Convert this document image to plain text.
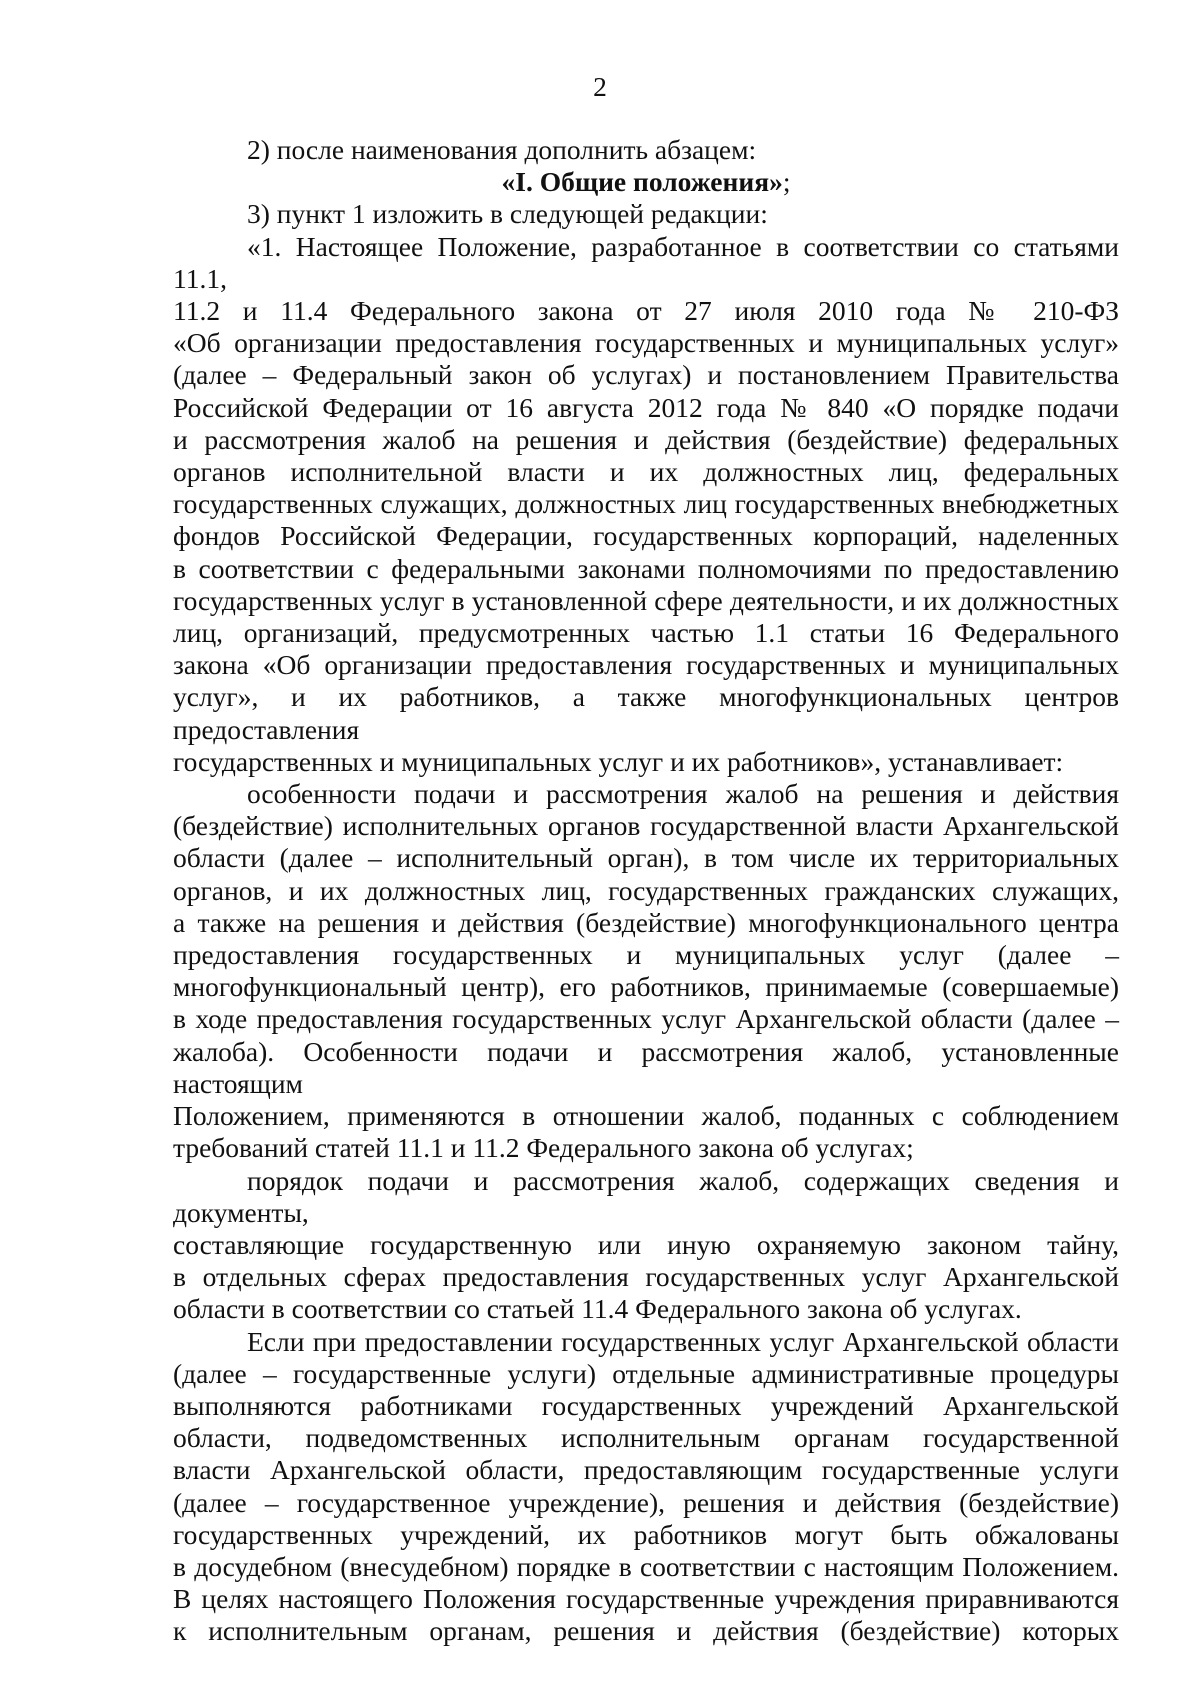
2

2) после наименования дополнить абзацем:

«I. Общие положения»;

3) пункт 1 изложить в следующей редакции:

«1. Настоящее Положение, разработанное в соответствии со статьями 11.1,

11.2 и 11.4 Федерального закона от 27 июля 2010 года № 210-ФЗ

«Об организации предоставления государственных и муниципальных услуг»

(далее – Федеральный закон об услугах) и постановлением Правительства

Российской Федерации от 16 августа 2012 года № 840 «О порядке подачи

и рассмотрения жалоб на решения и действия (бездействие) федеральных

органов исполнительной власти и их должностных лиц, федеральных

государственных служащих, должностных лиц государственных внебюджетных

фондов Российской Федерации, государственных корпораций, наделенных

в соответствии с федеральными законами полномочиями по предоставлению

государственных услуг в установленной сфере деятельности, и их должностных

лиц, организаций, предусмотренных частью 1.1 статьи 16 Федерального

закона «Об организации предоставления государственных и муниципальных

услуг», и их работников, а также многофункциональных центров предоставления

государственных и муниципальных услуг и их работников», устанавливает:

особенности подачи и рассмотрения жалоб на решения и действия

(бездействие) исполнительных органов государственной власти Архангельской

области (далее – исполнительный орган), в том числе их территориальных

органов, и их должностных лиц, государственных гражданских служащих,

а также на решения и действия (бездействие) многофункционального центра

предоставления государственных и муниципальных услуг (далее –

многофункциональный центр), его работников, принимаемые (совершаемые)

в ходе предоставления государственных услуг Архангельской области (далее –

жалоба). Особенности подачи и рассмотрения жалоб, установленные настоящим

Положением, применяются в отношении жалоб, поданных с соблюдением

требований статей 11.1 и 11.2 Федерального закона об услугах;

порядок подачи и рассмотрения жалоб, содержащих сведения и документы,

составляющие государственную или иную охраняемую законом тайну,

в отдельных сферах предоставления государственных услуг Архангельской

области в соответствии со статьей 11.4 Федерального закона об услугах.

Если при предоставлении государственных услуг Архангельской области

(далее – государственные услуги) отдельные административные процедуры

выполняются работниками государственных учреждений Архангельской

области, подведомственных исполнительным органам государственной

власти Архангельской области, предоставляющим государственные услуги

(далее – государственное учреждение), решения и действия (бездействие)

государственных учреждений, их работников могут быть обжалованы

в досудебном (внесудебном) порядке в соответствии с настоящим Положением.

В целях настоящего Положения государственные учреждения приравниваются

к исполнительным органам, решения и действия (бездействие) которых
